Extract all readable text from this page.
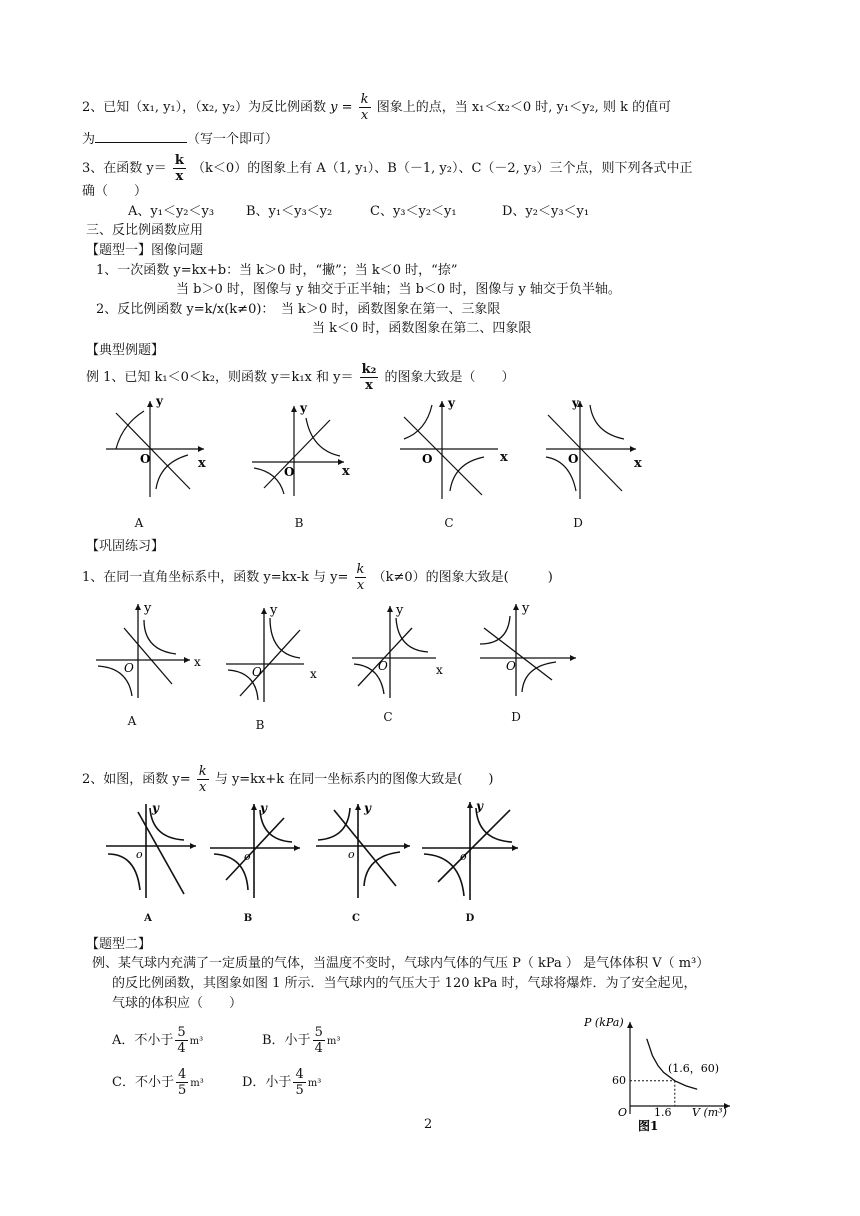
2、已知（x₁, y₁），（x₂, y₂）为反比例函数 $y = \frac{k}{x}$ 图象上的点，当 x₁＜x₂＜0 时, y₁＜y₂, 则 k 的值可
为	（写一个即可）
3、在函数 $y= \frac{k}{x} (k<0)$的图象上有 A（1, y₁）、B（－1, y₂）、C（－2, y₃）三个点，则下列各式中正
确（　　）
A、y₁＜y₂＜y₃ B、y₁＜y₃＜y₂	C、y₃＜y₂＜y₁	D、y₂＜y₃＜y₁
三、反比例函数应用
【题型一】图像问题
1、一次函数 y=kx+b：当 k＞0 时，“撇”；当 k＜0 时，“捺”
当 b＞0 时，图像与 y 轴交于正半轴；当 b＜0 时，图像与 y 轴交于负半轴。
2、反比例函数 y=k/x(k≠0)：　当 k＞0 时，函数图象在第一、三象限
当 k＜0 时，函数图象在第二、四象限
【典型例题】
例 1、已知 k₁＜0＜k₂，则函数 y＝k₁x 和 $y= \frac{\text{k₂}}{x}$ 的图象大致是（　　）
y
O	x
y
O	x
y
O	x
y
O	x
A	B	C	D
【巩固练习】
1、在同一直角坐标系中，函数 y=kx-k 与 $y= \frac{k}{x} (k\ne 0)$的图象大致是(　　　)
y
O	x
y
O	x
y
O	x
y
O
A	B
C	D
2、如图，函数 $y= \frac{k}{x}$ 与 y=kx+k 在同一坐标系内的图像大致是(　　)
y
o
y
o
y
o
y
o
A	B	C	D
【题型二】
例、某气球内充满了一定质量的气体，当温度不变时，气球内气体的气压 P（ kPa ） 是气体体积 V（ m³）
的反比例函数，其图象如图 1 所示．当气球内的气压大于 120 kPa 时，气球将爆炸．为了安全起见，
气球的体积应（　　）
A．不小于 $\frac{5}{4} m^3$	B．小于 $\frac{5}{4} m^3$
C．不小于 $\frac{4}{5} m^3$	D．小于 $\frac{4}{5} m^3$
P (kPa)
(1.6，60)
60
1.6
O	V (m³)
图1
2
